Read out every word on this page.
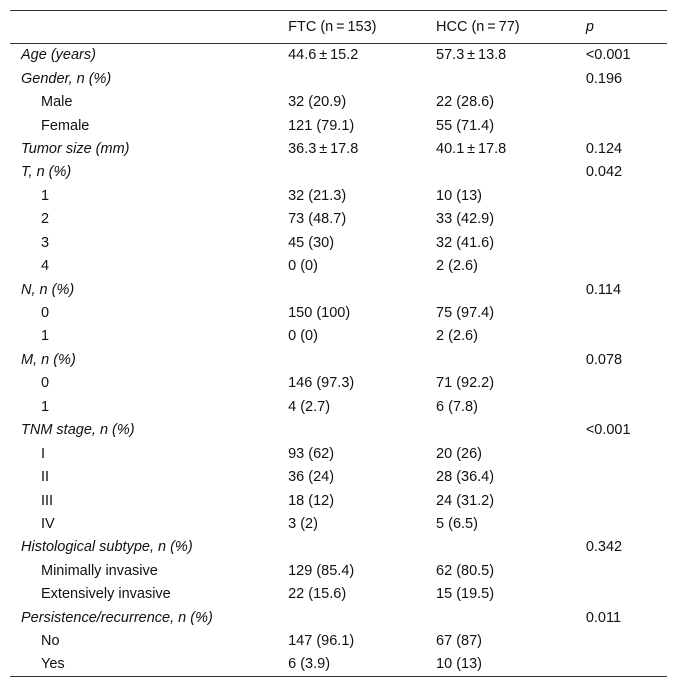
	FTC (n = 153)	HCC (n = 77)	p
Age (years)	44.6 ± 15.2	57.3 ± 13.8	<0.001
Gender, n (%)			0.196
Male	32 (20.9)	22 (28.6)	
Female	121 (79.1)	55 (71.4)	
Tumor size (mm)	36.3 ± 17.8	40.1 ± 17.8	0.124
T, n (%)			0.042
1	32 (21.3)	10 (13)	
2	73 (48.7)	33 (42.9)	
3	45 (30)	32 (41.6)	
4	0 (0)	2 (2.6)	
N, n (%)			0.114
0	150 (100)	75 (97.4)	
1	0 (0)	2 (2.6)	
M, n (%)			0.078
0	146 (97.3)	71 (92.2)	
1	4 (2.7)	6 (7.8)	
TNM stage, n (%)			<0.001
I	93 (62)	20 (26)	
II	36 (24)	28 (36.4)	
III	18 (12)	24 (31.2)	
IV	3 (2)	5 (6.5)	
Histological subtype, n (%)			0.342
Minimally invasive	129 (85.4)	62 (80.5)	
Extensively invasive	22 (15.6)	15 (19.5)	
Persistence/recurrence, n (%)			0.011
No	147 (96.1)	67 (87)	
Yes	6 (3.9)	10 (13)	
